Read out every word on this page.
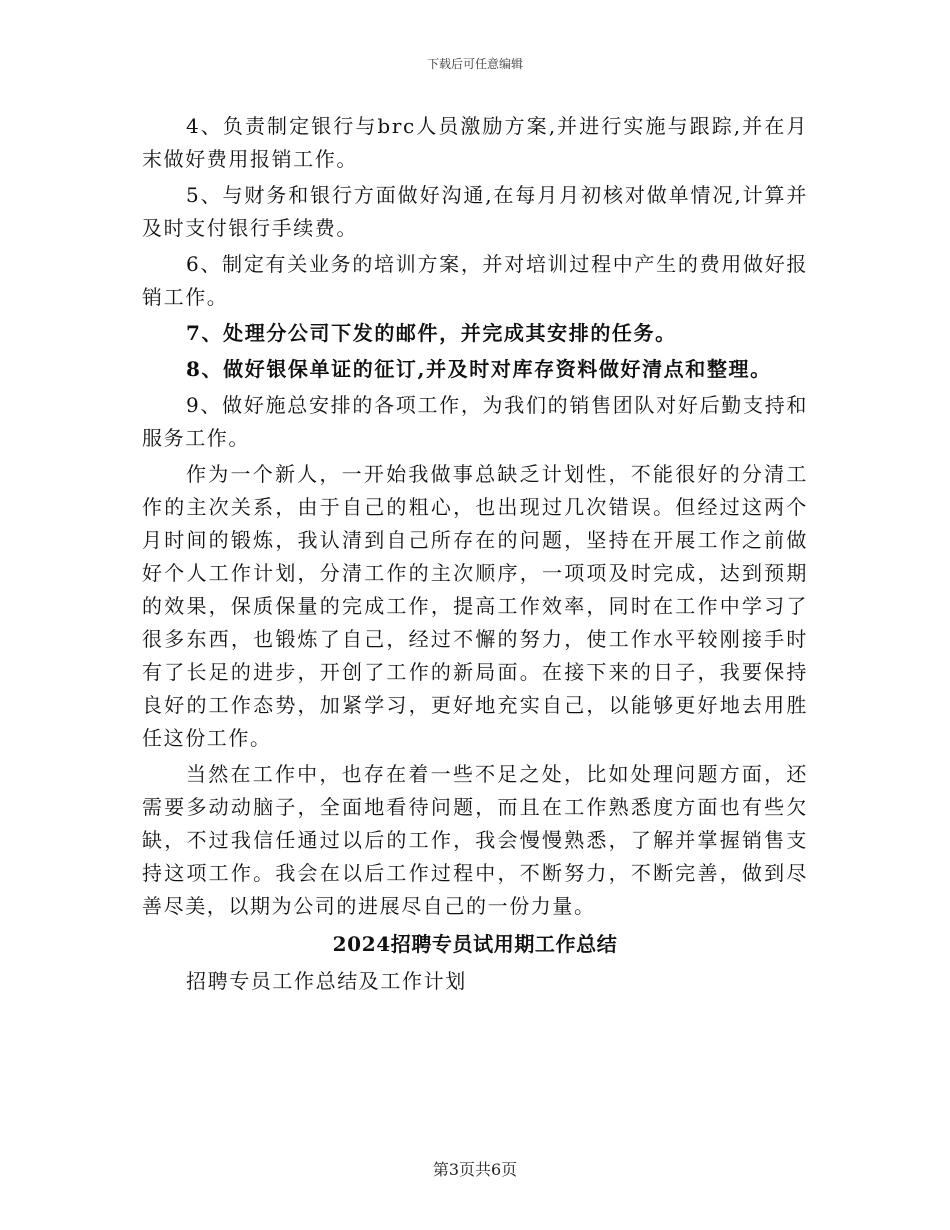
下载后可任意编辑

4、负责制定银行与brc人员激励方案,并进行实施与跟踪,并在月末做好费用报销工作。

5、与财务和银行方面做好沟通,在每月月初核对做单情况,计算并及时支付银行手续费。

6、制定有关业务的培训方案，并对培训过程中产生的费用做好报销工作。

7、处理分公司下发的邮件，并完成其安排的任务。

8、做好银保单证的征订,并及时对库存资料做好清点和整理。

9、做好施总安排的各项工作，为我们的销售团队对好后勤支持和服务工作。

作为一个新人，一开始我做事总缺乏计划性，不能很好的分清工作的主次关系，由于自己的粗心，也出现过几次错误。但经过这两个月时间的锻炼，我认清到自己所存在的问题，坚持在开展工作之前做好个人工作计划，分清工作的主次顺序，一项项及时完成，达到预期的效果，保质保量的完成工作，提高工作效率，同时在工作中学习了很多东西，也锻炼了自己，经过不懈的努力，使工作水平较刚接手时有了长足的进步，开创了工作的新局面。在接下来的日子，我要保持良好的工作态势，加紧学习，更好地充实自己，以能够更好地去用胜任这份工作。

当然在工作中，也存在着一些不足之处，比如处理问题方面，还需要多动动脑子，全面地看待问题，而且在工作熟悉度方面也有些欠缺，不过我信任通过以后的工作，我会慢慢熟悉，了解并掌握销售支持这项工作。我会在以后工作过程中，不断努力，不断完善，做到尽善尽美，以期为公司的进展尽自己的一份力量。

2024招聘专员试用期工作总结

招聘专员工作总结及工作计划

第3页共6页
